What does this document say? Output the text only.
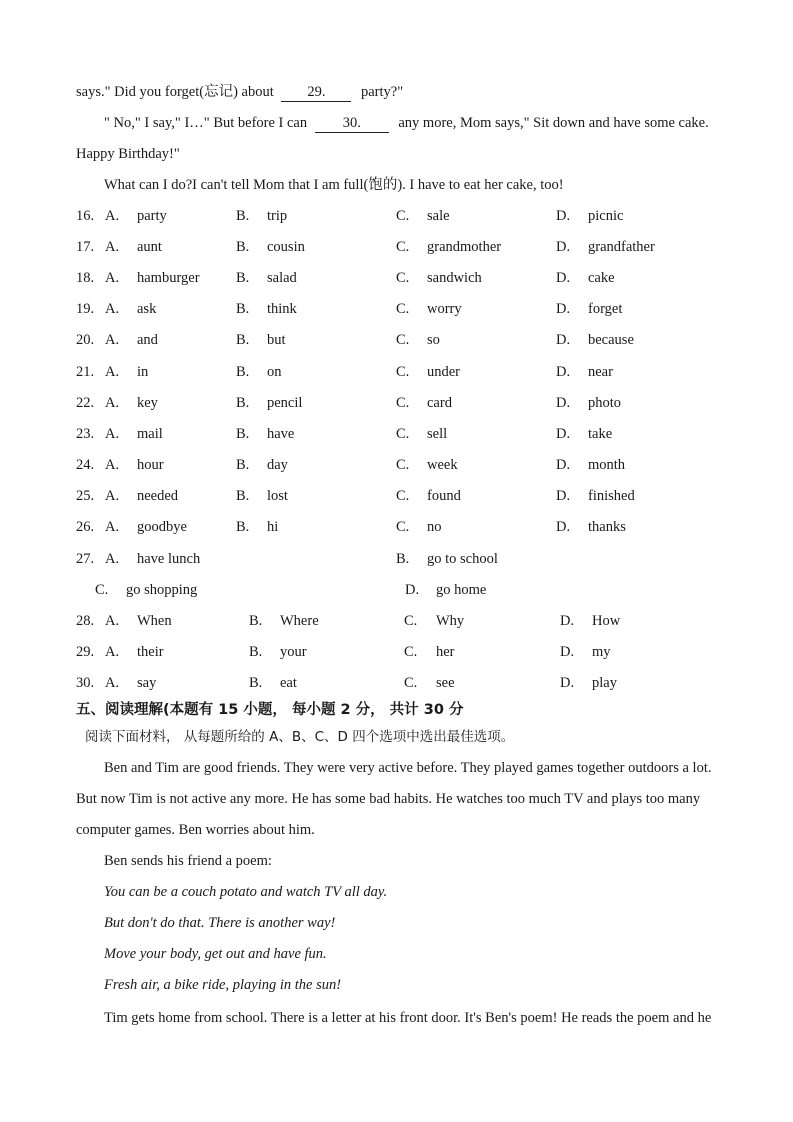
says." Did you forget(忘记) about 29. party?"
" No," I say," I…" But before I can 30.	any more, Mom says," Sit down and have some cake.
Happy Birthday!"
What can I do?I can't tell Mom that I am full(饱的). I have to eat her cake, too!
16. A. party	B. trip	C. sale	D. picnic
17. A. aunt	B. cousin	C. grandmother	D. grandfather
18. A. hamburger	B. salad	C. sandwich	D. cake
19. A. ask	B. think	C. worry	D. forget
20. A. and	B. but	C. so	D. because
21. A. in	B. on	C. under	D. near
22. A. key	B. pencil	C. card	D. photo
23. A. mail	B. have	C. sell	D. take
24. A. hour	B. day	C. week	D. month
25. A. needed	B. lost	C. found	D. finished
26. A. goodbye	B. hi	C. no	D. thanks
27. A. have lunch	B. go to school
C. go shopping	D. go home
28. A. When	B. Where	C. Why	D. How
29. A. their	B. your	C. her	D. my
30. A. say	B. eat	C. see	D. play
五、阅读理解(本题有 15 小题， 每小题 2 分， 共计 30 分
阅读下面材料， 从每题所给的 A、B、C、D 四个选项中选出最佳选项。
Ben and Tim are good friends. They were very active before. They played games together outdoors a lot.
But now Tim is not active any more. He has some bad habits. He watches too much TV and plays too many
computer games. Ben worries about him.
Ben sends his friend a poem:
You can be a couch potato and watch TV all day.
But don't do that. There is another way!
Move your body, get out and have fun.
Fresh air, a bike ride, playing in the sun!
Tim gets home from school. There is a letter at his front door. It's Ben's poem! He reads the poem and he
